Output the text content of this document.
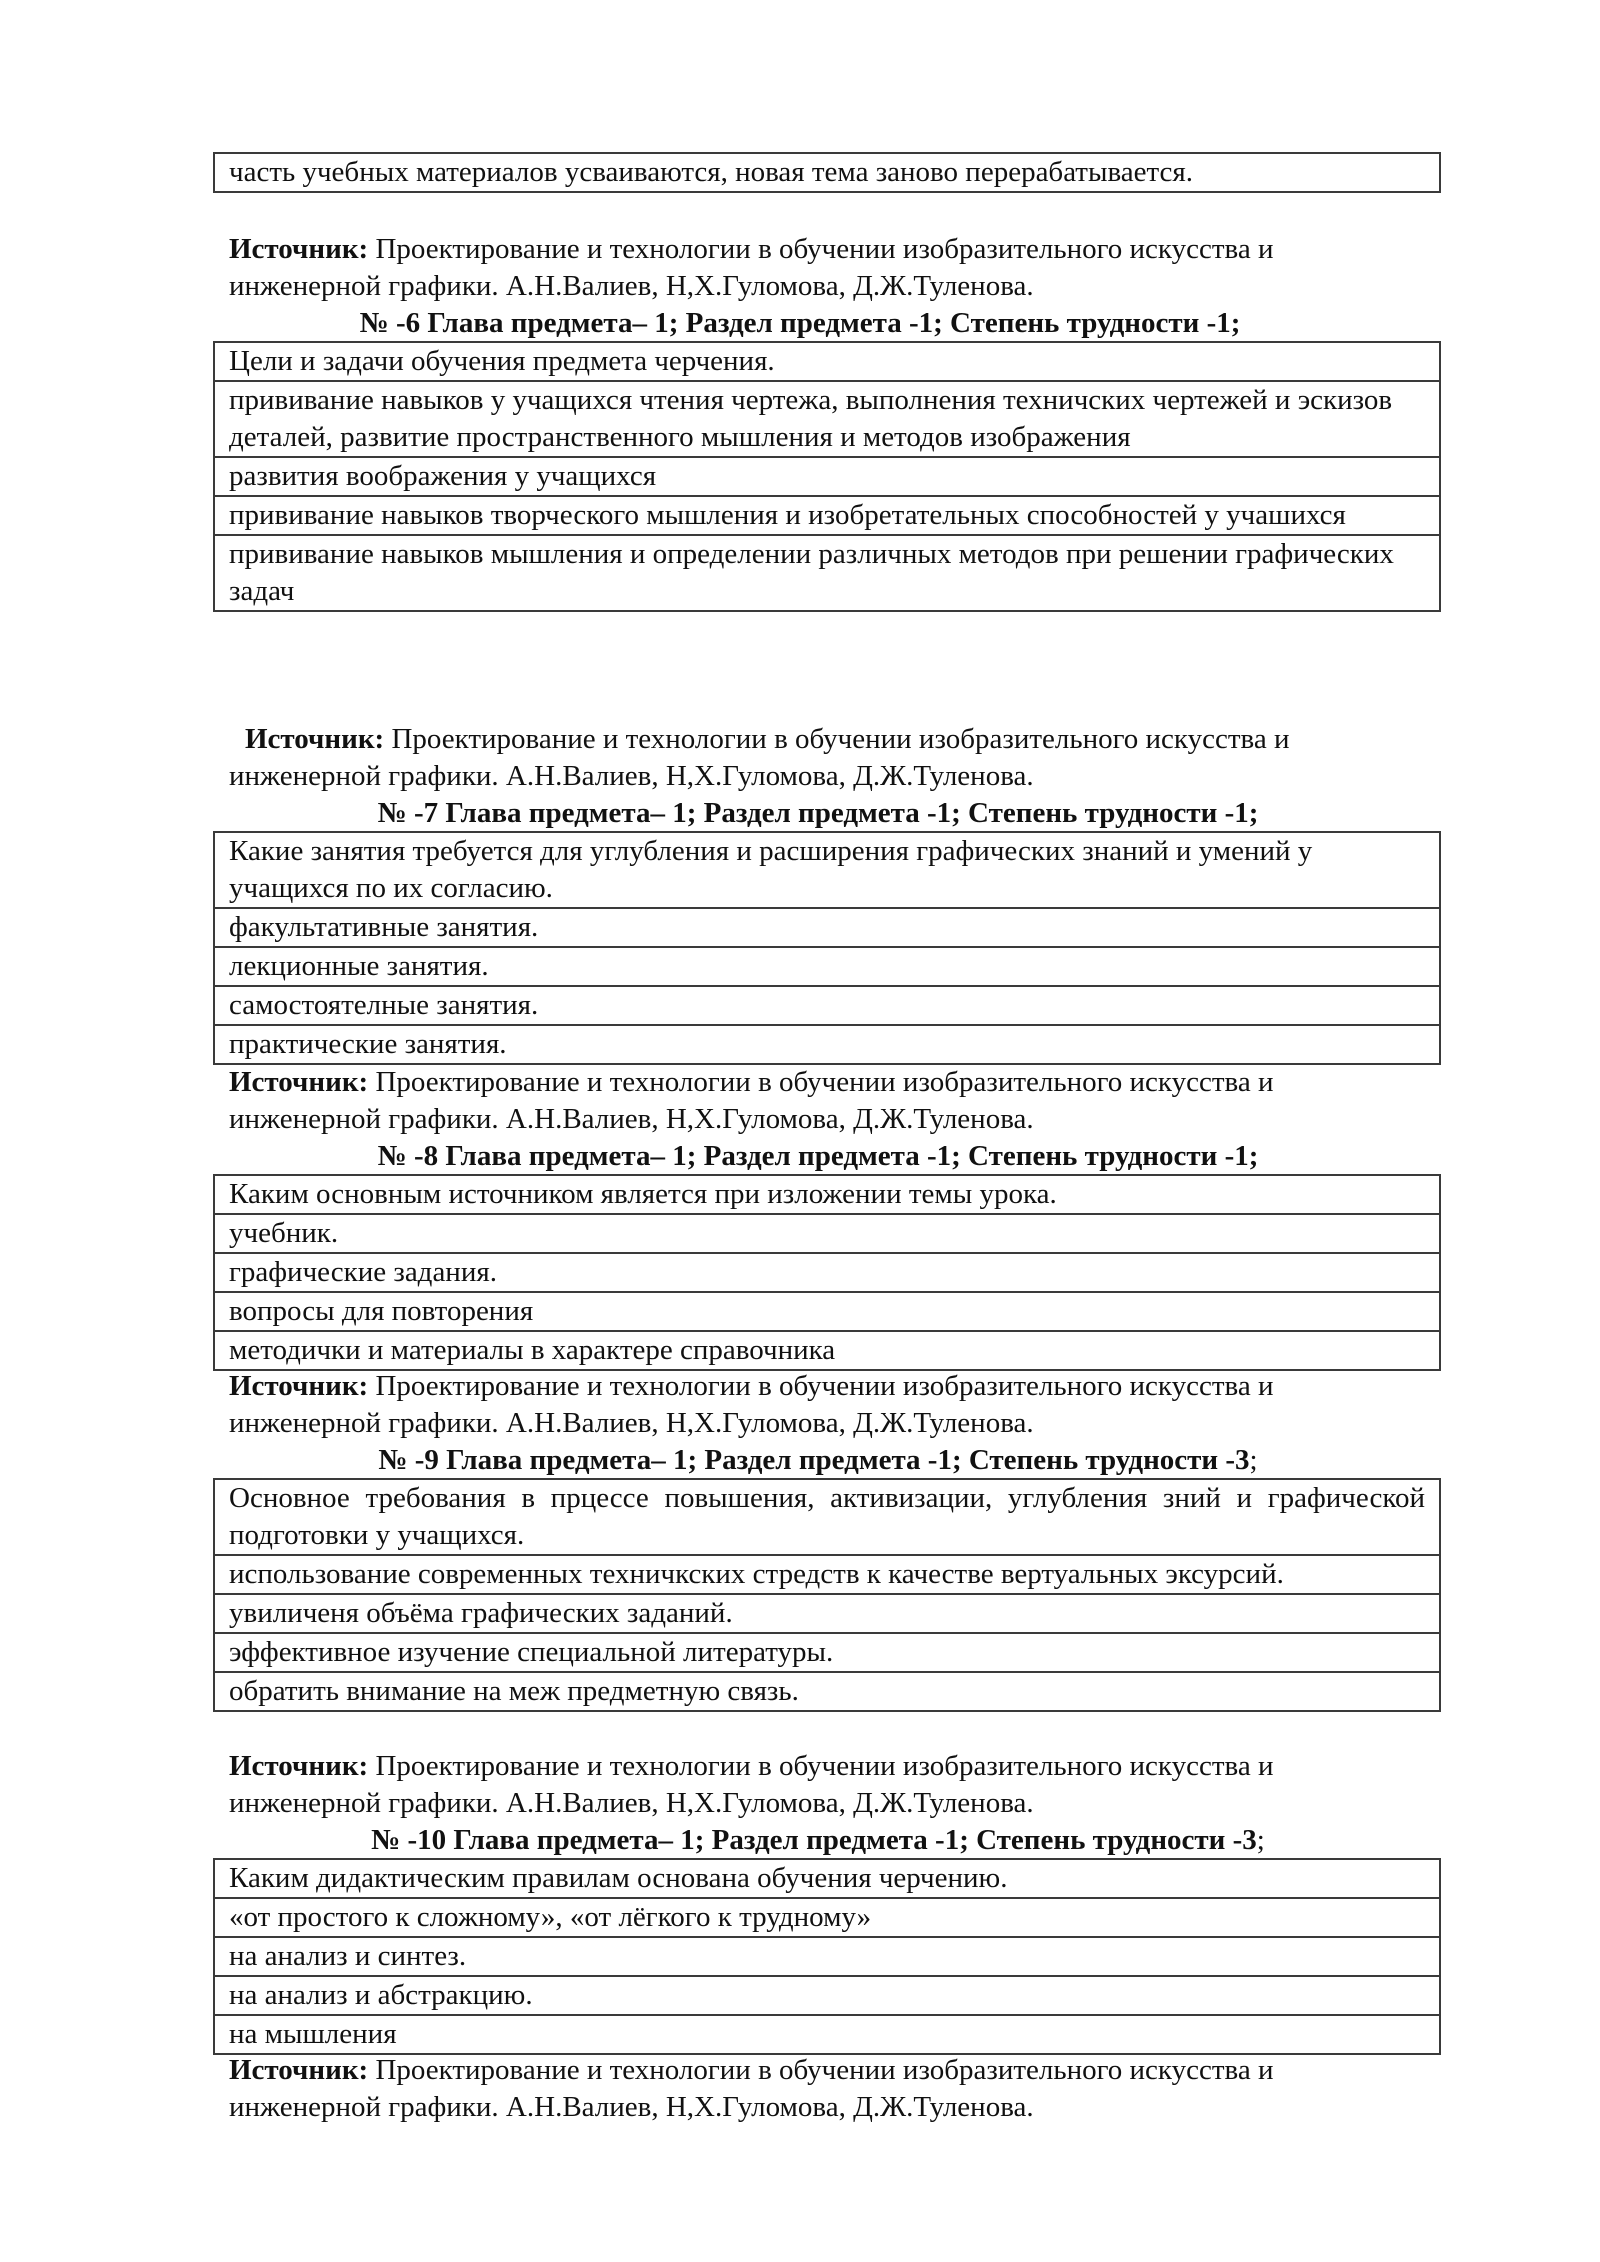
часть учебных материалов усваиваются, новая тема заново перерабатывается.
Источник: Проектирование и технологии в обучении изобразительного искусства и
инженерной графики. А.Н.Валиев, Н,Х.Гуломова, Д.Ж.Туленова.
№ -6 Глава предмета– 1; Раздел предмета -1; Степень трудности -1;
Цели и задачи обучения предмета черчения.
прививание навыков у учащихся чтения чертежа, выполнения техничских чертежей и эскизов деталей, развитие пространственного мышления и методов изображения
развития воображения у учащихся
прививание навыков творческого мышления и изобретательных способностей у учашихся
прививание навыков мышления и определении различных методов при решении графических задач
Источник: Проектирование и технологии в обучении изобразительного искусства и
инженерной графики. А.Н.Валиев, Н,Х.Гуломова, Д.Ж.Туленова.
№ -7 Глава предмета– 1; Раздел предмета -1; Степень трудности -1;
Какие занятия требуется для углубления и расширения графических знаний и умений у учащихся по их согласию.
факультативные занятия.
лекционные занятия.
самостоятелные занятия.
практические занятия.
Источник: Проектирование и технологии в обучении изобразительного искусства и
инженерной графики. А.Н.Валиев, Н,Х.Гуломова, Д.Ж.Туленова.
№ -8 Глава предмета– 1; Раздел предмета -1; Степень трудности -1;
Каким основным источником является при изложении темы урока.
учебник.
графические задания.
вопросы для повторения
методички и материалы в характере справочника
Источник: Проектирование и технологии в обучении изобразительного искусства и
инженерной графики. А.Н.Валиев, Н,Х.Гуломова, Д.Ж.Туленова.
№ -9 Глава предмета– 1; Раздел предмета -1; Степень трудности -3;
Основное требования в прцессе повышения, активизации, углубления зний и графической подготовки у учащихся.
использование современных техничкских стредств к качестве вертуальных эксурсий.
увиличеня объёма графических заданий.
эффективное изучение специальной литературы.
обратить внимание на меж предметную связь.
Источник: Проектирование и технологии в обучении изобразительного искусства и
инженерной графики. А.Н.Валиев, Н,Х.Гуломова, Д.Ж.Туленова.
№ -10 Глава предмета– 1; Раздел предмета -1; Степень трудности -3;
Каким дидактическим правилам основана обучения черчению.
«от простого к сложному», «от лёгкого к трудному»
на анализ и синтез.
на анализ и абстракцию.
на мышления
Источник: Проектирование и технологии в обучении изобразительного искусства и
инженерной графики. А.Н.Валиев, Н,Х.Гуломова, Д.Ж.Туленова.
